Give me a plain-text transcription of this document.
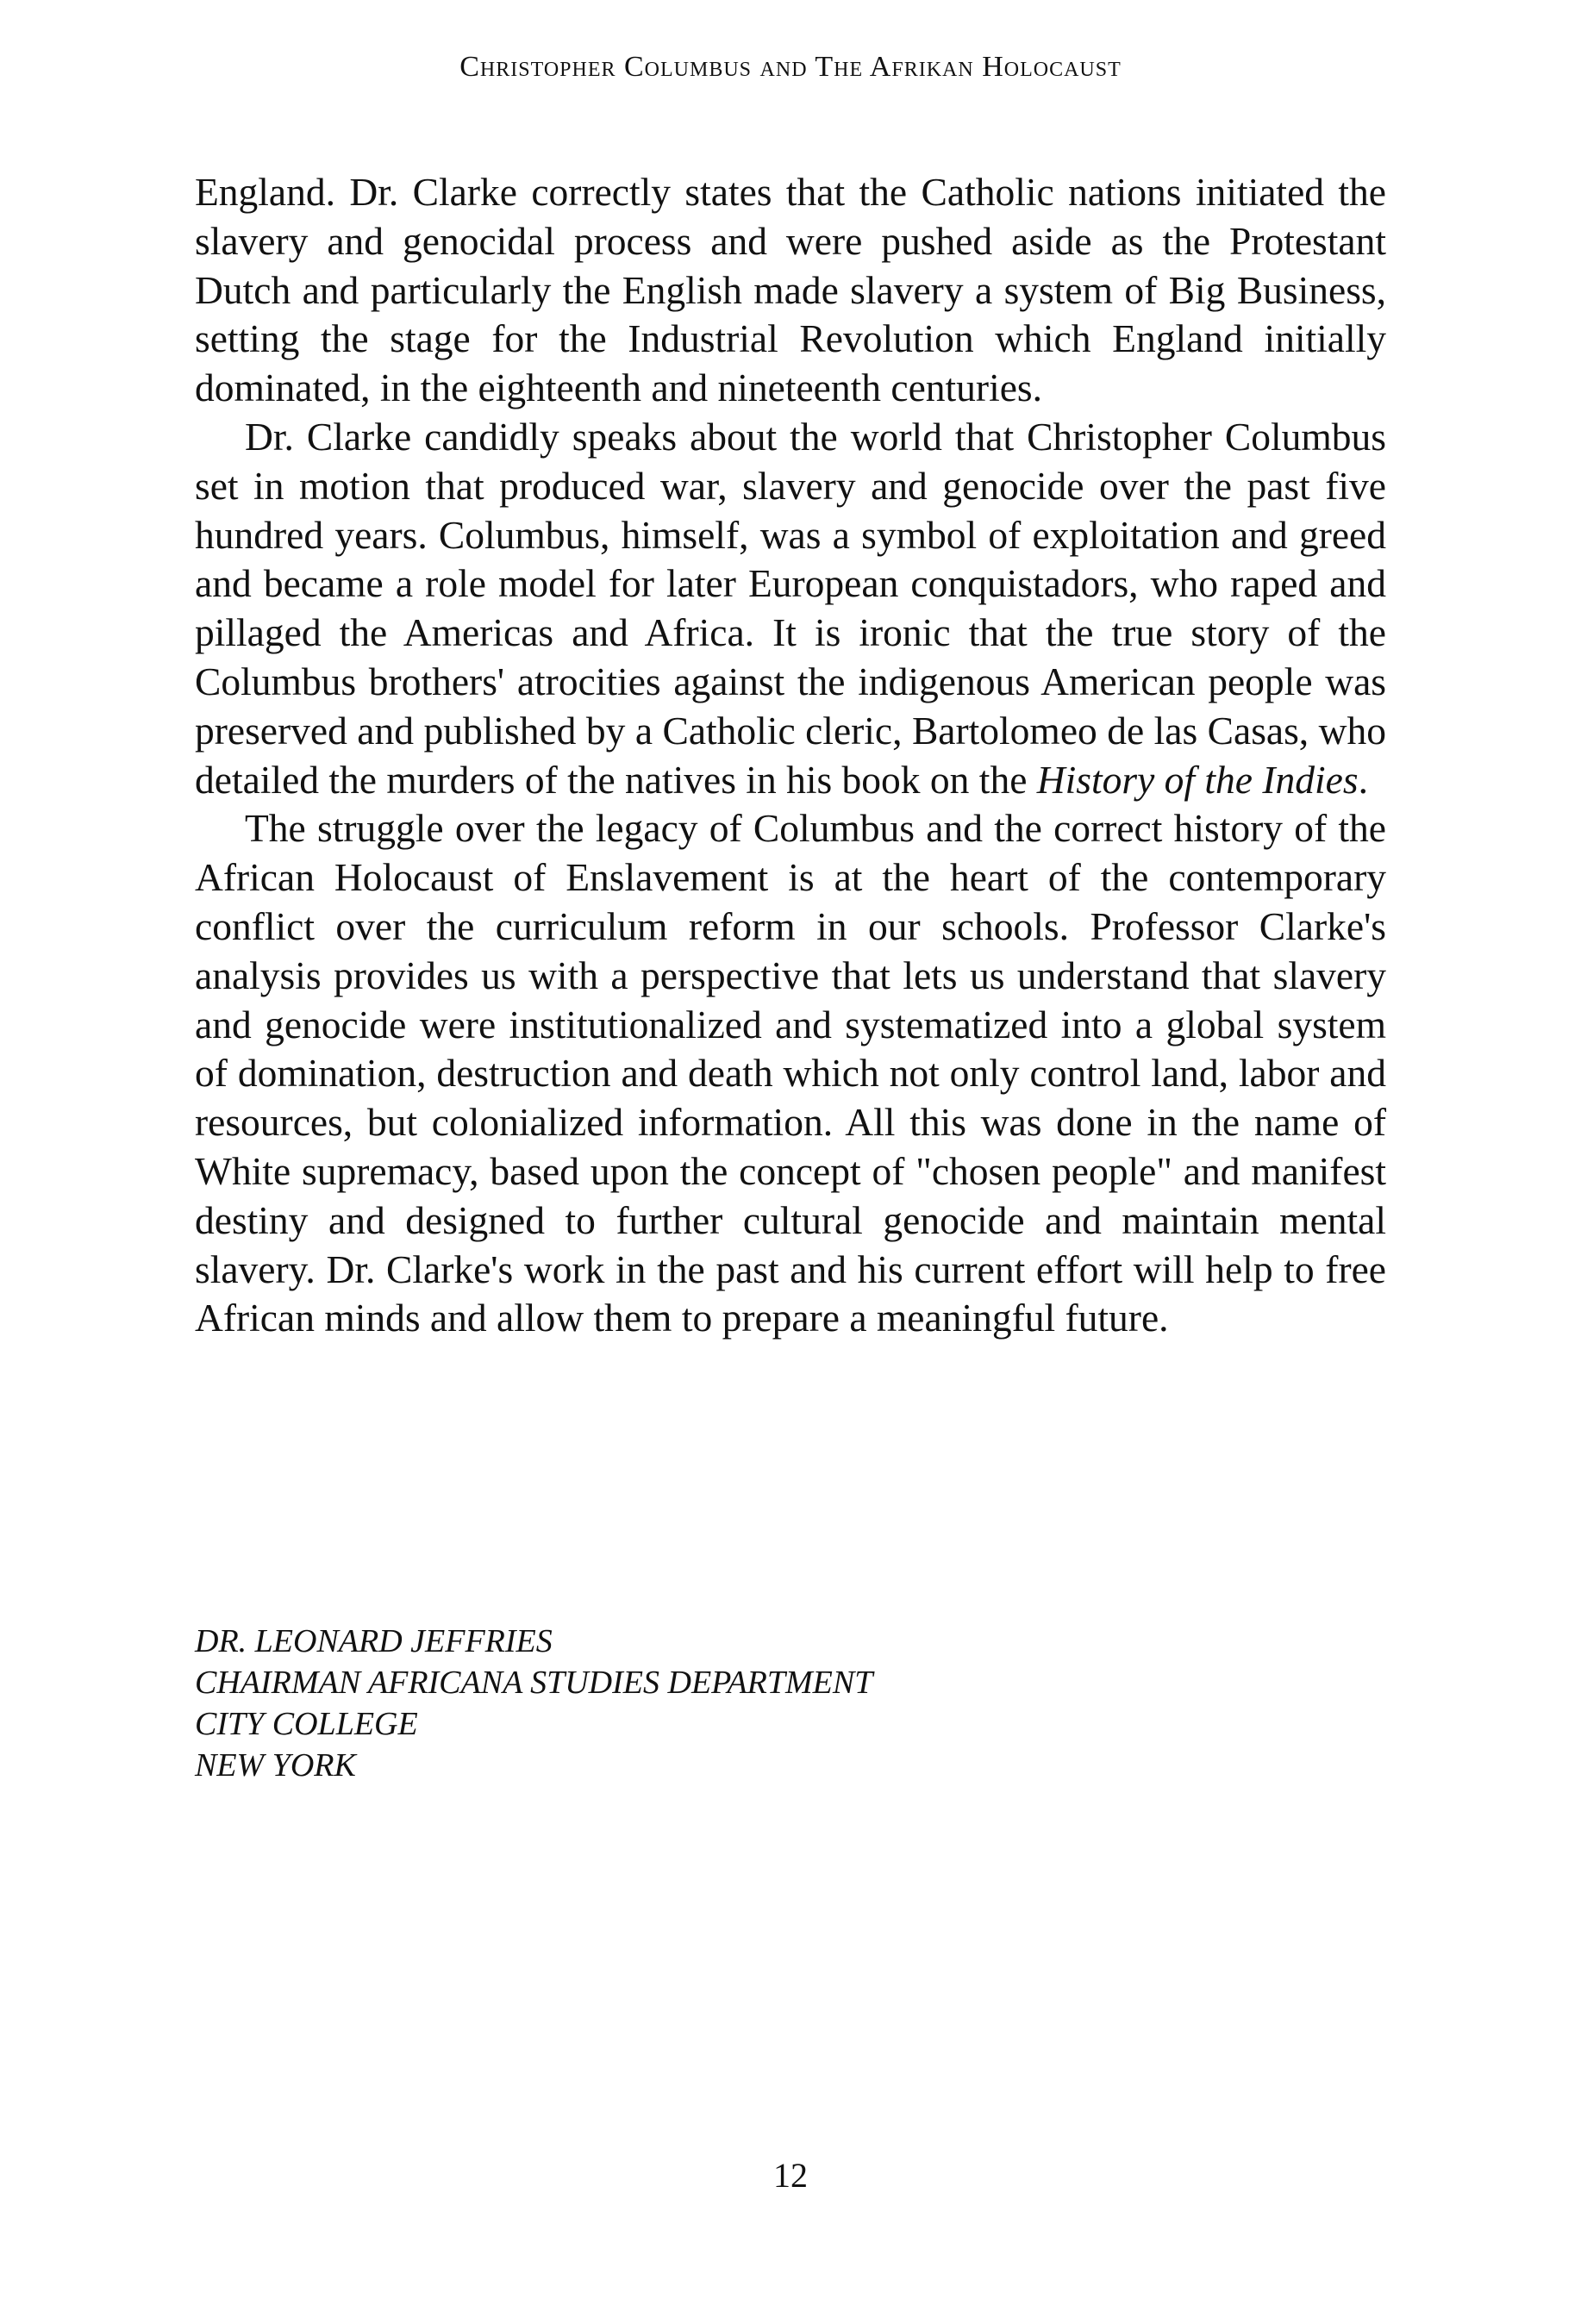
Christopher Columbus and The Afrikan Holocaust

England. Dr. Clarke correctly states that the Catholic nations initiated the slavery and genocidal process and were pushed aside as the Protestant Dutch and particularly the English made slavery a system of Big Business, setting the stage for the Industrial Revolution which England initially dominated, in the eighteenth and nineteenth centuries.

Dr. Clarke candidly speaks about the world that Christopher Columbus set in motion that produced war, slavery and genocide over the past five hundred years. Columbus, himself, was a symbol of exploitation and greed and became a role model for later European conquistadors, who raped and pillaged the Americas and Africa. It is ironic that the true story of the Columbus brothers' atrocities against the indigenous American people was preserved and published by a Catholic cleric, Bartolomeo de las Casas, who detailed the murders of the natives in his book on the History of the Indies.

The struggle over the legacy of Columbus and the correct history of the African Holocaust of Enslavement is at the heart of the contemporary conflict over the curriculum reform in our schools. Professor Clarke's analysis provides us with a perspective that lets us understand that slavery and genocide were institutionalized and systematized into a global system of domination, destruction and death which not only control land, labor and resources, but colonialized information. All this was done in the name of White supremacy, based upon the concept of "chosen people" and manifest destiny and designed to further cultural genocide and maintain mental slavery. Dr. Clarke's work in the past and his current effort will help to free African minds and allow them to prepare a meaningful future.

DR. LEONARD JEFFRIES
CHAIRMAN AFRICANA STUDIES DEPARTMENT
CITY COLLEGE
NEW YORK
12
